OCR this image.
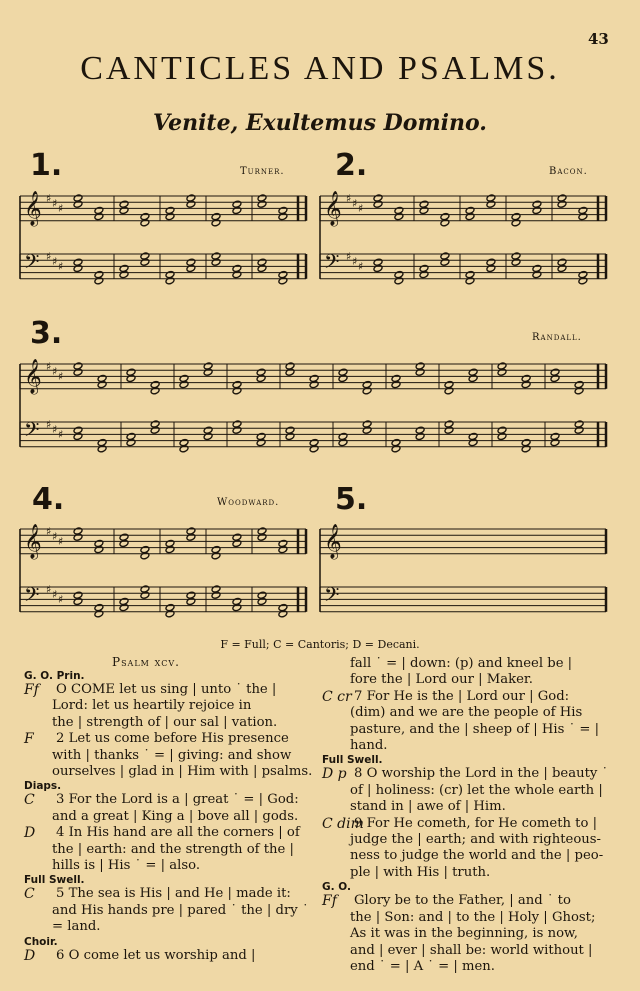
43
CANTICLES AND PSALMS.
Venite, Exultemus Domino.
1.	Turner. 2.	Bacon.
3.	Randall.
4.	Woodward. 5.
𝄞 ♯ ♯ ♯
𝄢 ♯ ♯ ♯
𝄞 ♯ ♯ ♯
𝄢 ♯ ♯ ♯
𝄞 ♯ ♯ ♯
𝄢 ♯ ♯ ♯
𝄞 ♯ ♯ ♯
𝄢 ♯ ♯ ♯
𝄞
𝄢
F = Full; C = Cantoris; D = Decani.
Psalm xcv.
G. O. Prin.
Ff O COME let us sing | unto ˙ the |
Lord: let us heartily rejoice in
the | strength of | our sal | vation.
F 2 Let us come before His presence
with | thanks ˙ = | giving: and show
ourselves | glad in | Him with | psalms.
Diaps.
C 3 For the Lord is a | great ˙ = | God:
and a great | King a | bove all | gods.
D 4 In His hand are all the corners | of
the | earth: and the strength of the |
hills is | His ˙ = | also.
Full Swell.
C 5 The sea is His | and He | made it:
and His hands pre | pared ˙ the | dry ˙
= land.
Choir.
D 6 O come let us worship and |
fall ˙ = | down: (p) and kneel be |
fore the | Lord our | Maker.
C cr 7 For He is the | Lord our | God:
(dim) and we are the people of His
pasture, and the | sheep of | His ˙ = |
hand.
Full Swell.
D p 8 O worship the Lord in the | beauty ˙
of | holiness: (cr) let the whole earth |
stand in | awe of | Him.
C dim
9 For He cometh, for He cometh to |
judge the | earth; and with righteous-
ness to judge the world and the | peo-
ple | with His | truth.
G. O.
Ff Glory be to the Father, | and ˙ to
the | Son: and | to the | Holy | Ghost;
As it was in the beginning, is now,
and | ever | shall be: world without |
end ˙ = | A ˙ = | men.
